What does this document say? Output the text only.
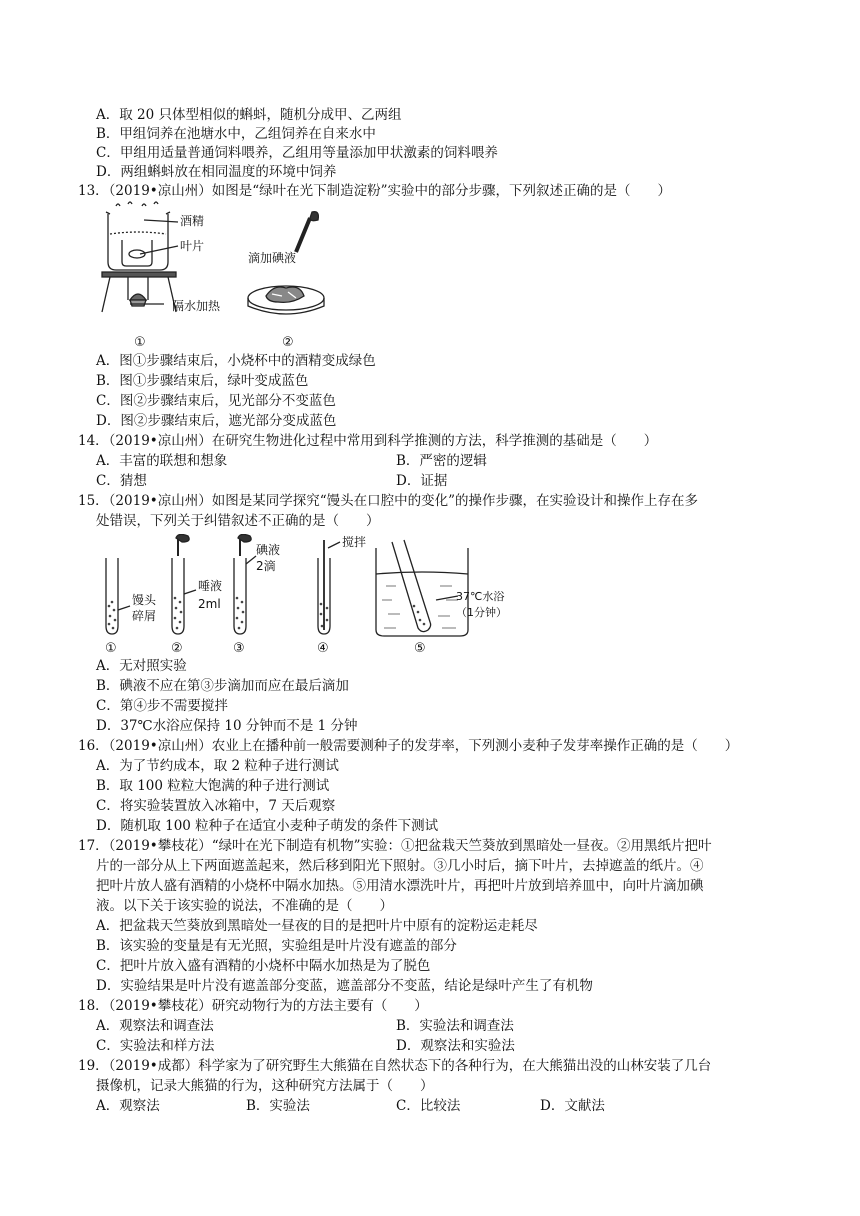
A．取 20 只体型相似的蝌蚪，随机分成甲、乙两组
B．甲组饲养在池塘水中，乙组饲养在自来水中
C．甲组用适量普通饲料喂养，乙组用等量添加甲状激素的饲料喂养
D．两组蝌蚪放在相同温度的环境中饲养
13．（2019•凉山州）如图是“绿叶在光下制造淀粉”实验中的部分步骤，下列叙述正确的是（　　）
酒精
叶片
隔水加热
①
滴加碘液
②
A．图①步骤结束后，小烧杯中的酒精变成绿色
B．图①步骤结束后，绿叶变成蓝色
C．图②步骤结束后，见光部分不变蓝色
D．图②步骤结束后，遮光部分变成蓝色
14．（2019•凉山州）在研究生物进化过程中常用到科学推测的方法，科学推测的基础是（　　）
A．丰富的联想和想象	B．严密的逻辑
C．猜想	D．证据
15．（2019•凉山州）如图是某同学探究“馒头在口腔中的变化”的操作步骤，在实验设计和操作上存在多
处错误，下列关于纠错叙述不正确的是（　　）
馒头
碎屑
唾液
2ml
碘液
2滴
搅拌
37℃水浴
（1分钟）
①	②	③	④	⑤
A．无对照实验
B．碘液不应在第③步滴加而应在最后滴加
C．第④步不需要搅拌
D．37℃水浴应保持 10 分钟而不是 1 分钟
16．（2019•凉山州）农业上在播种前一般需要测种子的发芽率，下列测小麦种子发芽率操作正确的是（　　）
A．为了节约成本，取 2 粒种子进行测试
B．取 100 粒粒大饱满的种子进行测试
C．将实验装置放入冰箱中，7 天后观察
D．随机取 100 粒种子在适宜小麦种子萌发的条件下测试
17．（2019•攀枝花）“绿叶在光下制造有机物”实验：①把盆栽天竺葵放到黑暗处一昼夜。②用黑纸片把叶
片的一部分从上下两面遮盖起来，然后移到阳光下照射。③几小时后，摘下叶片，去掉遮盖的纸片。④
把叶片放人盛有酒精的小烧杯中隔水加热。⑤用清水漂洗叶片，再把叶片放到培养皿中，向叶片滴加碘
液。以下关于该实验的说法，不准确的是（　　）
A．把盆栽天竺葵放到黑暗处一昼夜的目的是把叶片中原有的淀粉运走耗尽
B．该实验的变量是有无光照，实验组是叶片没有遮盖的部分
C．把叶片放入盛有酒精的小烧杯中隔水加热是为了脱色
D．实验结果是叶片没有遮盖部分变蓝，遮盖部分不变蓝，结论是绿叶产生了有机物
18．（2019•攀枝花）研究动物行为的方法主要有（　　）
A．观察法和调查法	B．实验法和调查法
C．实验法和样方法	D．观察法和实验法
19．（2019•成都）科学家为了研究野生大熊猫在自然状态下的各种行为，在大熊猫出没的山林安装了几台
摄像机，记录大熊猫的行为，这种研究方法属于（　　）
A．观察法	B．实验法	C．比较法	D．文献法
